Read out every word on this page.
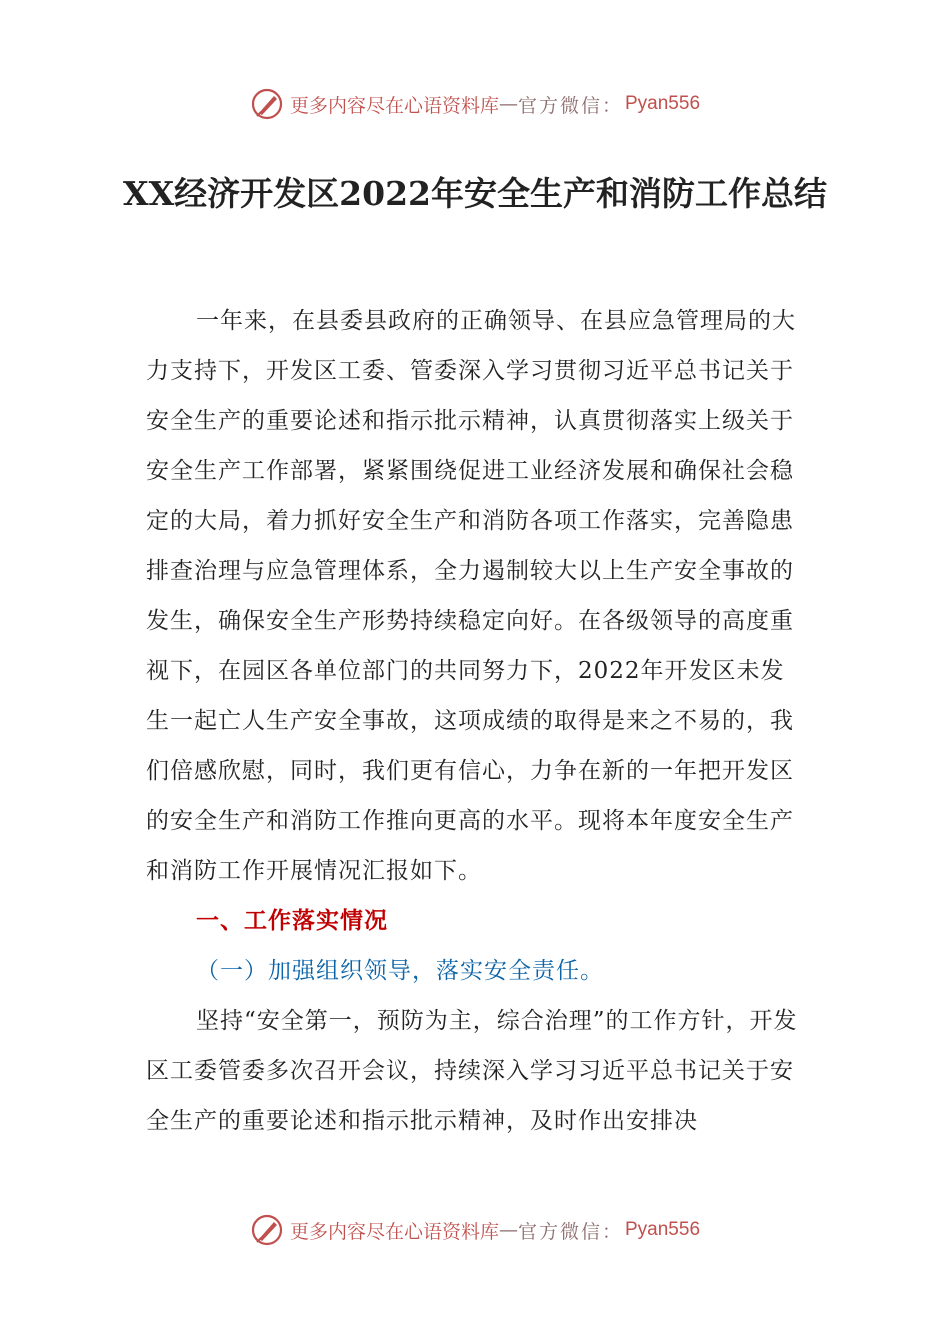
更多内容尽在心语资料库 — 官方微信： Pyan556
XX经济开发区2022年安全生产和消防工作总结

一年来，在县委县政府的正确领导、在县应急管理局的大力支持下，开发区工委、管委深入学习贯彻习近平总书记关于安全生产的重要论述和指示批示精神，认真贯彻落实上级关于安全生产工作部署，紧紧围绕促进工业经济发展和确保社会稳定的大局，着力抓好安全生产和消防各项工作落实，完善隐患排查治理与应急管理体系，全力遏制较大以上生产安全事故的发生，确保安全生产形势持续稳定向好。在各级领导的高度重视下，在园区各单位部门的共同努力下，2022年开发区未发生一起亡人生产安全事故，这项成绩的取得是来之不易的，我们倍感欣慰，同时，我们更有信心，力争在新的一年把开发区的安全生产和消防工作推向更高的水平。现将本年度安全生产和消防工作开展情况汇报如下。

一、工作落实情况

（一）加强组织领导，落实安全责任。

坚持“安全第一，预防为主，综合治理”的工作方针，开发区工委管委多次召开会议，持续深入学习习近平总书记关于安全生产的重要论述和指示批示精神，及时作出安排决

更多内容尽在心语资料库 — 官方微信： Pyan556
